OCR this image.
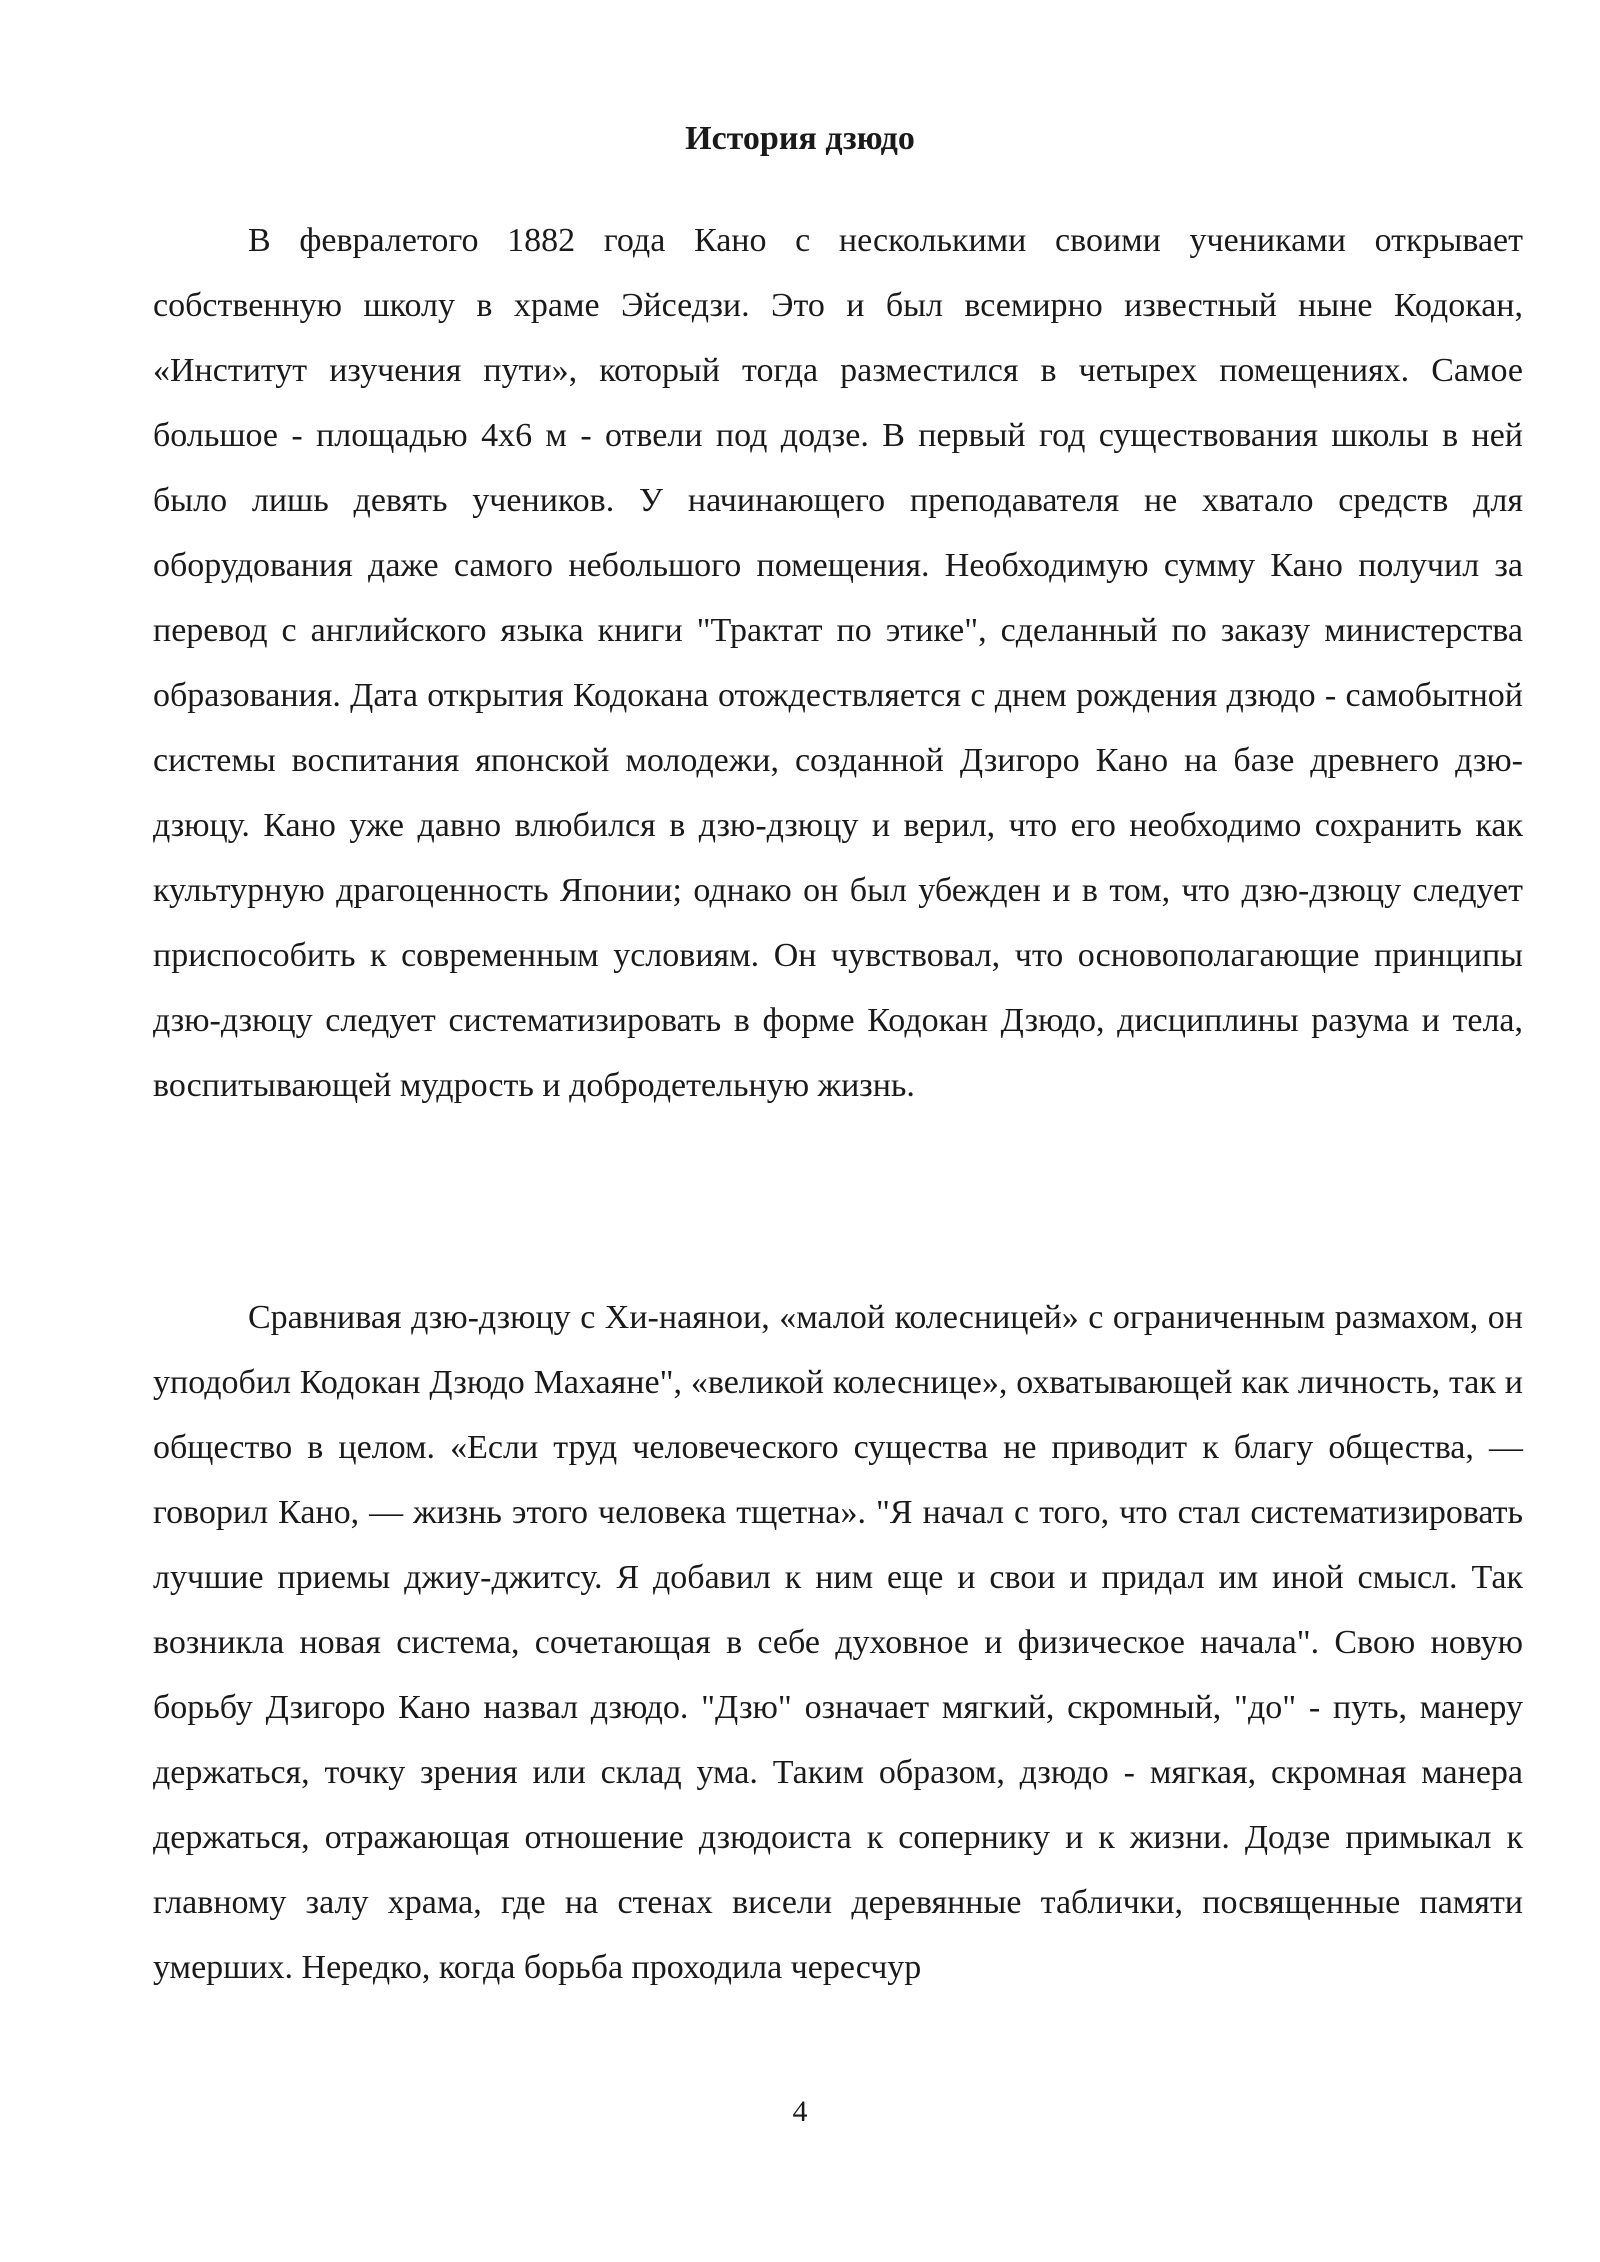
История дзюдо

В февралетого 1882 года Кано с несколькими своими учениками открывает собственную школу в храме Эйседзи. Это и был всемирно известный ныне Кодокан, «Институт изучения пути», который тогда разместился в четырех помещениях. Самое большое - площадью 4х6 м - отвели под додзе. В первый год существования школы в ней было лишь девять учеников. У начинающего преподавателя не хватало средств для оборудования даже самого небольшого помещения. Необходимую сумму Кано получил за перевод с английского языка книги "Трактат по этике", сделанный по заказу министерства образования. Дата открытия Кодокана отождествляется с днем рождения дзюдо - самобытной системы воспитания японской молодежи, созданной Дзигоро Кано на базе древнего дзю-дзюцу. Кано уже давно влюбился в дзю-дзюцу и верил, что его необходимо сохранить как культурную драгоценность Японии; однако он был убежден и в том, что дзю-дзюцу следует приспособить к современным условиям. Он чувствовал, что основополагающие принципы дзю-дзюцу следует систематизировать в форме Кодокан Дзюдо, дисциплины разума и тела, воспитывающей мудрость и добродетельную жизнь.

Сравнивая дзю-дзюцу с Хи-наянои, «малой колесницей» с ограниченным размахом, он уподобил Кодокан Дзюдо Махаяне", «великой колеснице», охватывающей как личность, так и общество в целом. «Если труд человеческого существа не приводит к благу общества, — говорил Кано, — жизнь этого человека тщетна». "Я начал с того, что стал систематизировать лучшие приемы джиу-джитсу. Я добавил к ним еще и свои и придал им иной смысл. Так возникла новая система, сочетающая в себе духовное и физическое начала". Свою новую борьбу Дзигоро Кано назвал дзюдо. "Дзю" означает мягкий, скромный, "до" - путь, манеру держаться, точку зрения или склад ума. Таким образом, дзюдо - мягкая, скромная манера держаться, отражающая отношение дзюдоиста к сопернику и к жизни. Додзе примыкал к главному залу храма, где на стенах висели деревянные таблички, посвященные памяти умерших. Нередко, когда борьба проходила чересчур

4
